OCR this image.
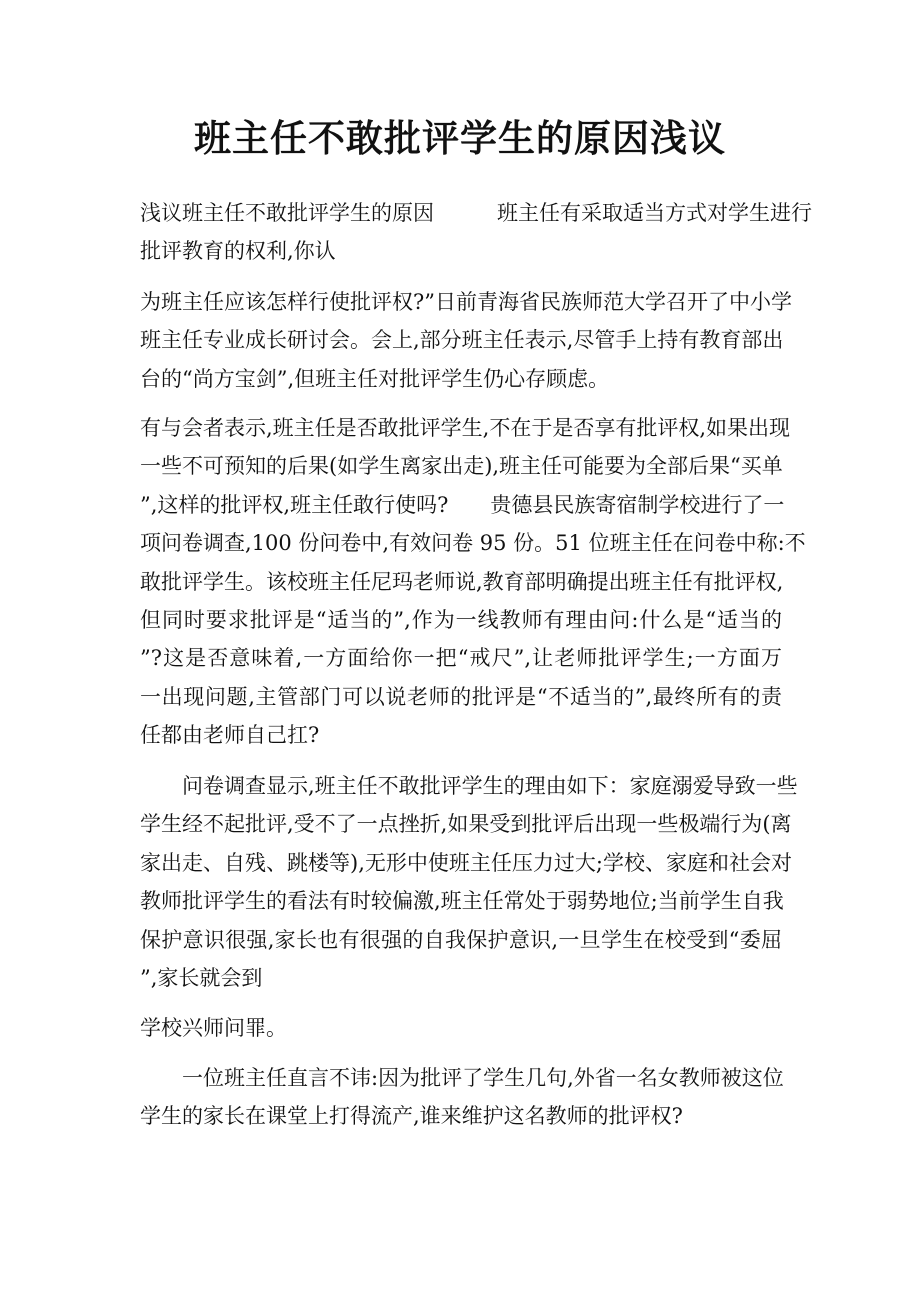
班主任不敢批评学生的原因浅议
浅议班主任不敢批评学生的原因　　　班主任有采取适当方式对学生进行
批评教育的权利,你认
为班主任应该怎样行使批评权?”日前青海省民族师范大学召开了中小学
班主任专业成长研讨会。会上,部分班主任表示,尽管手上持有教育部出
台的“尚方宝剑”,但班主任对批评学生仍心存顾虑。
有与会者表示,班主任是否敢批评学生,不在于是否享有批评权,如果出现
一些不可预知的后果(如学生离家出走),班主任可能要为全部后果“买单
”,这样的批评权,班主任敢行使吗?　　贵德县民族寄宿制学校进行了一
项问卷调查,100 份问卷中,有效问卷 95 份。51 位班主任在问卷中称:不
敢批评学生。该校班主任尼玛老师说,教育部明确提出班主任有批评权,
但同时要求批评是“适当的”,作为一线教师有理由问:什么是“适当的
”?这是否意味着,一方面给你一把“戒尺”,让老师批评学生;一方面万
一出现问题,主管部门可以说老师的批评是“不适当的”,最终所有的责
任都由老师自己扛?
　　问卷调查显示,班主任不敢批评学生的理由如下：家庭溺爱导致一些
学生经不起批评,受不了一点挫折,如果受到批评后出现一些极端行为(离
家出走、自残、跳楼等),无形中使班主任压力过大;学校、家庭和社会对
教师批评学生的看法有时较偏激,班主任常处于弱势地位;当前学生自我
保护意识很强,家长也有很强的自我保护意识,一旦学生在校受到“委屈
”,家长就会到
学校兴师问罪。
　　一位班主任直言不讳:因为批评了学生几句,外省一名女教师被这位
学生的家长在课堂上打得流产,谁来维护这名教师的批评权?
